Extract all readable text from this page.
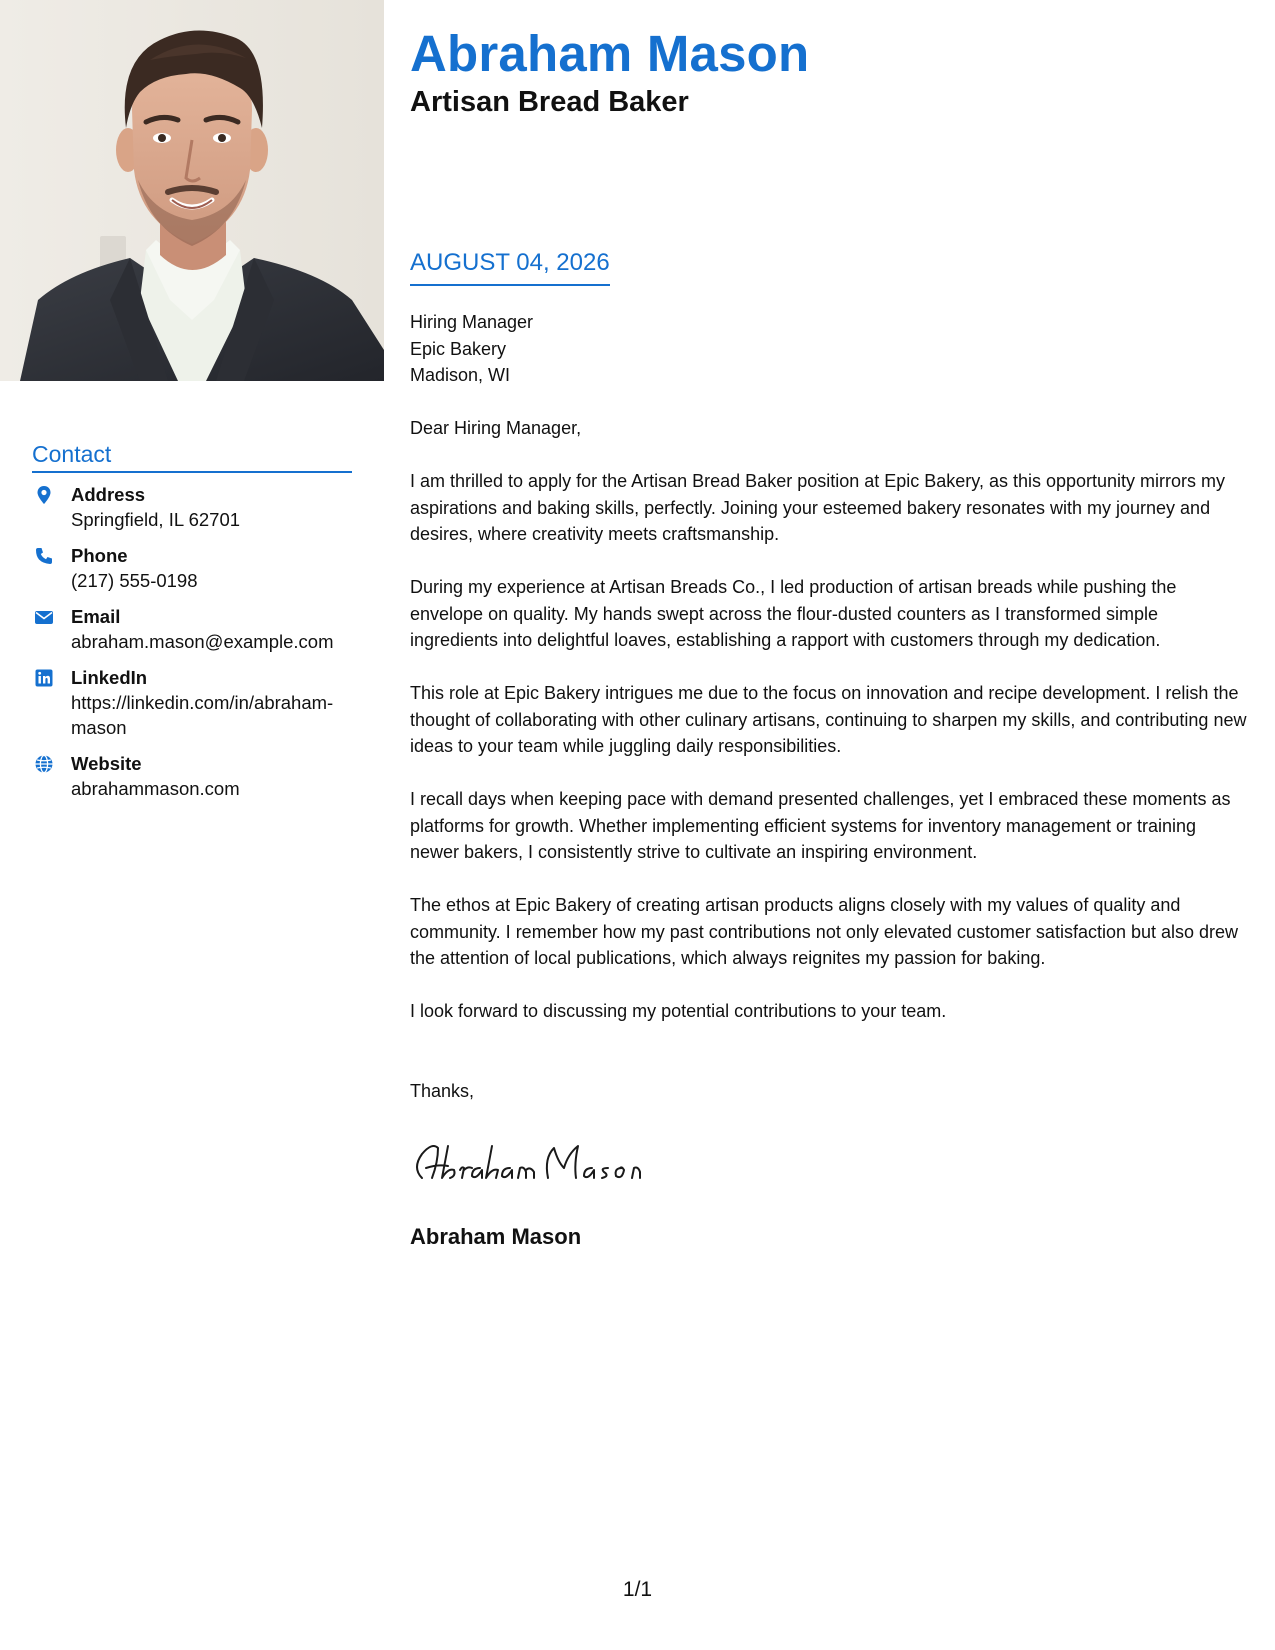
Abraham Mason
Artisan Bread Baker
AUGUST 04, 2026
Hiring Manager
Epic Bakery
Madison, WI

Dear Hiring Manager,

I am thrilled to apply for the Artisan Bread Baker position at Epic Bakery, as this opportunity mirrors my aspirations and baking skills, perfectly. Joining your esteemed bakery resonates with my journey and desires, where creativity meets craftsmanship.

During my experience at Artisan Breads Co., I led production of artisan breads while pushing the envelope on quality. My hands swept across the flour-dusted counters as I transformed simple ingredients into delightful loaves, establishing a rapport with customers through my dedication.

This role at Epic Bakery intrigues me due to the focus on innovation and recipe development. I relish the thought of collaborating with other culinary artisans, continuing to sharpen my skills, and contributing new ideas to your team while juggling daily responsibilities.

I recall days when keeping pace with demand presented challenges, yet I embraced these moments as platforms for growth. Whether implementing efficient systems for inventory management or training newer bakers, I consistently strive to cultivate an inspiring environment.

The ethos at Epic Bakery of creating artisan products aligns closely with my values of quality and community. I remember how my past contributions not only elevated customer satisfaction but also drew the attention of local publications, which always reignites my passion for baking.

I look forward to discussing my potential contributions to your team.

Thanks,
Abraham Mason
Contact
Address
Springfield, IL 62701
Phone
(217) 555-0198
Email
abraham.mason@example.com
LinkedIn
https://linkedin.com/in/abraham-mason
Website
abrahammason.com
1/1
